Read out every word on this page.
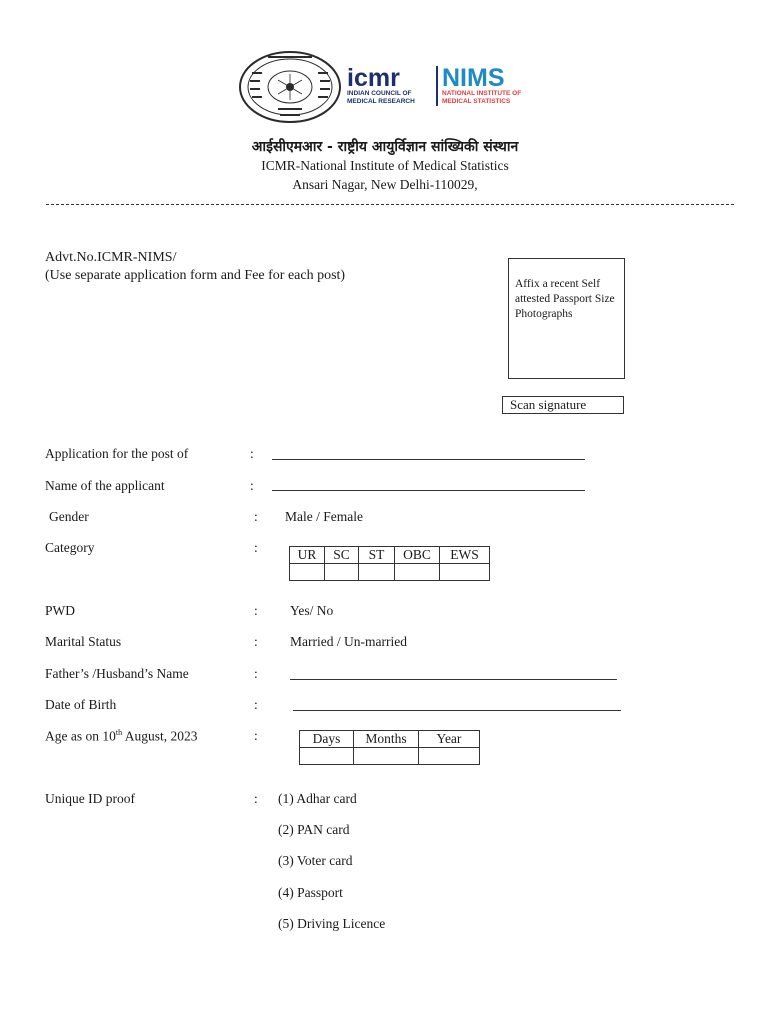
icmr
INDIAN COUNCIL OF
MEDICAL RESEARCH
NIMS
NATIONAL INSTITUTE OF
MEDICAL STATISTICS
आईसीएमआर - राष्ट्रीय आयुर्विज्ञान सांख्यिकी संस्थान
ICMR-National Institute of Medical Statistics
Ansari Nagar, New Delhi-110029,
Advt.No.ICMR-NIMS/
(Use separate application form and Fee for each post)
Affix a recent Self attested Passport Size Photographs
Scan signature
Application for the post of	:
Name of the applicant	:
Gender	: Male / Female
Category	:	UR	SC	ST	OBC	EWS

PWD	: Yes/ No
Marital Status	: Married / Un-married
Father’s /Husband’s Name	:
Date of Birth	:
Age as on 10th August, 2023	:	Days	Months	Year

Unique ID proof	: (1) Adhar card
(2) PAN card
(3) Voter card
(4) Passport
(5) Driving Licence
